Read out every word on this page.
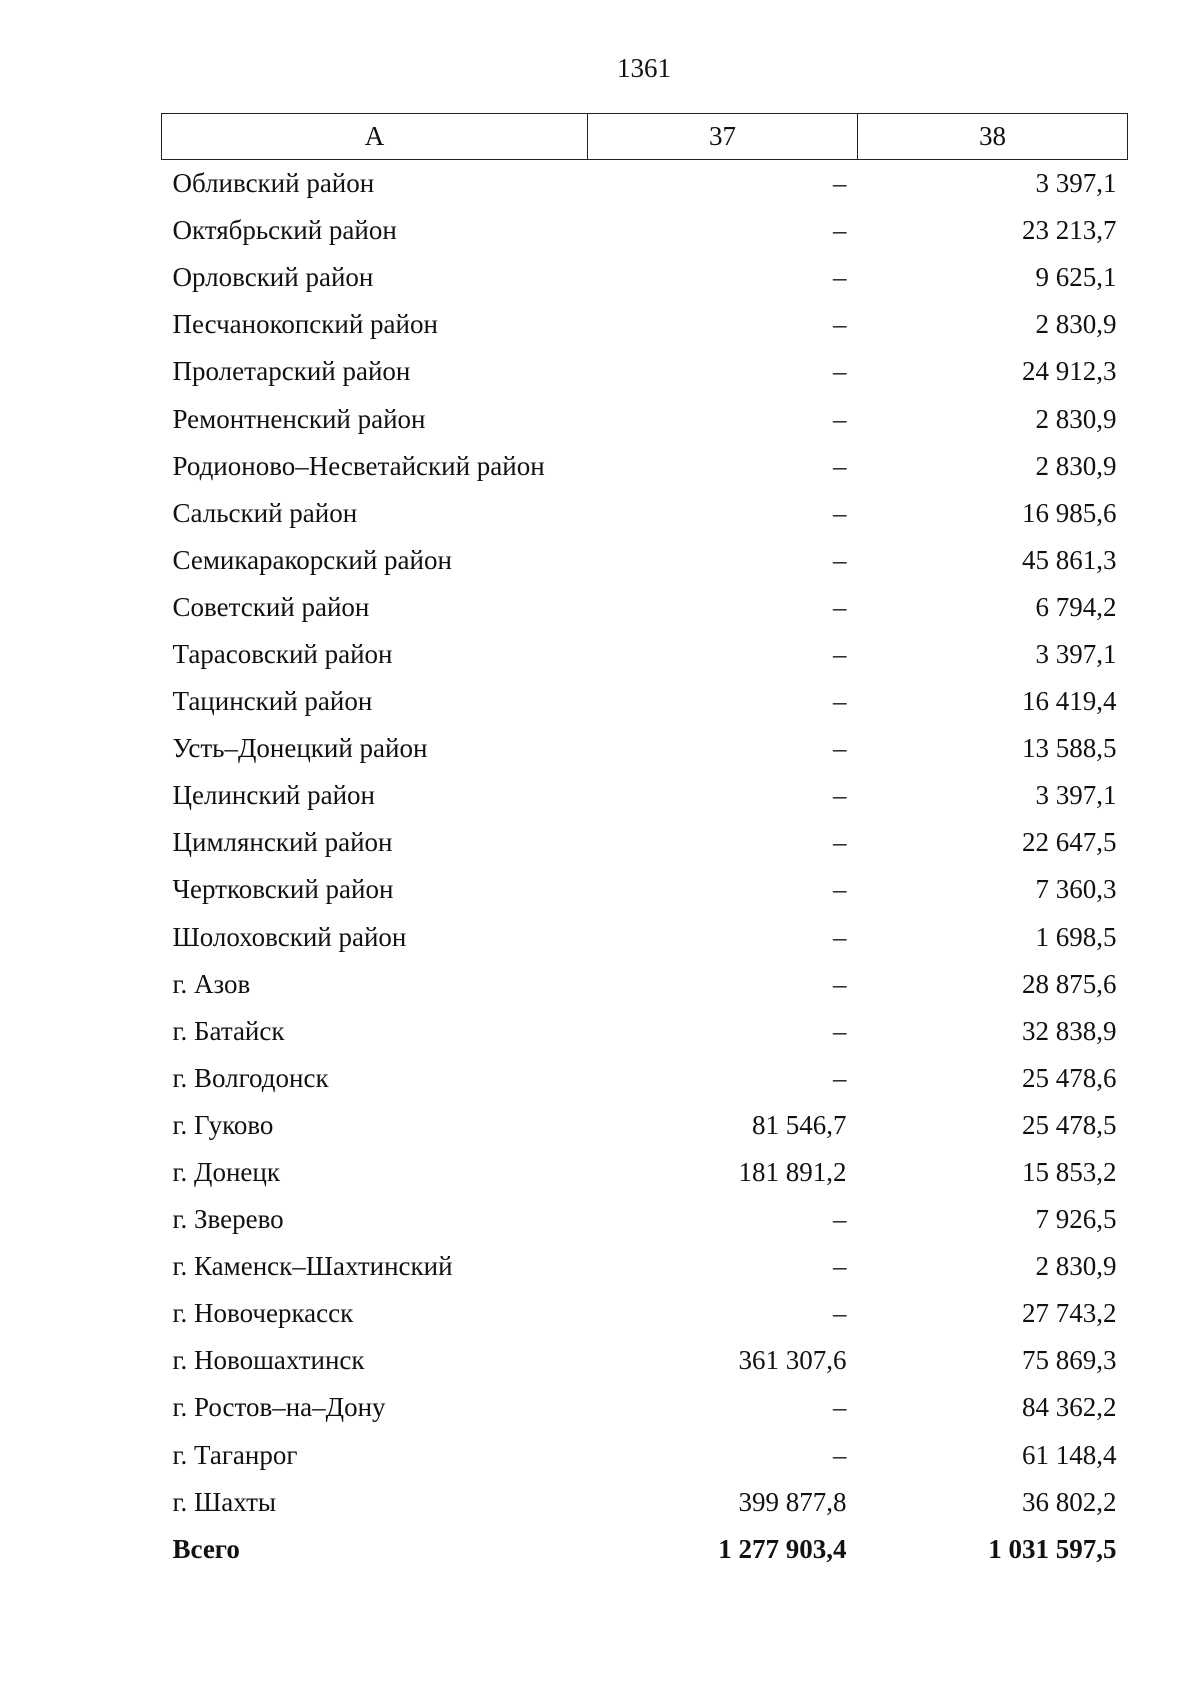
1361
А	37	38
Обливский район	–	3 397,1
Октябрьский район	–	23 213,7
Орловский район	–	9 625,1
Песчанокопский район	–	2 830,9
Пролетарский район	–	24 912,3
Ремонтненский район	–	2 830,9
Родионово–Несветайский район	–	2 830,9
Сальский район	–	16 985,6
Семикаракорский район	–	45 861,3
Советский район	–	6 794,2
Тарасовский район	–	3 397,1
Тацинский район	–	16 419,4
Усть–Донецкий район	–	13 588,5
Целинский район	–	3 397,1
Цимлянский район	–	22 647,5
Чертковский район	–	7 360,3
Шолоховский район	–	1 698,5
г. Азов	–	28 875,6
г. Батайск	–	32 838,9
г. Волгодонск	–	25 478,6
г. Гуково	81 546,7	25 478,5
г. Донецк	181 891,2	15 853,2
г. Зверево	–	7 926,5
г. Каменск–Шахтинский	–	2 830,9
г. Новочеркасск	–	27 743,2
г. Новошахтинск	361 307,6	75 869,3
г. Ростов–на–Дону	–	84 362,2
г. Таганрог	–	61 148,4
г. Шахты	399 877,8	36 802,2
Всего	1 277 903,4	1 031 597,5
